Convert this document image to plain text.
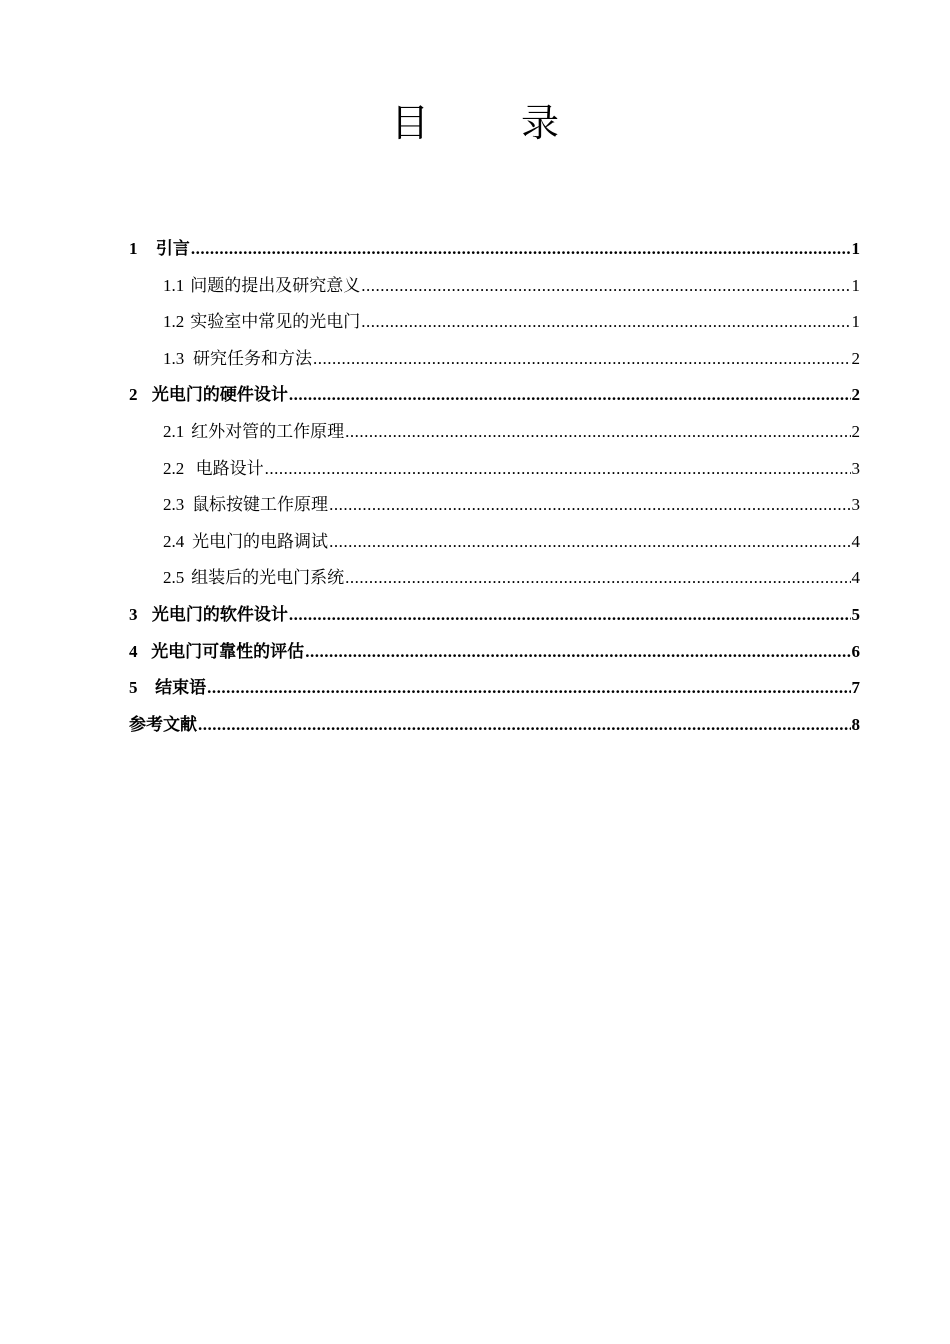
目 录
1	引言 .....	1
1.1 问题的提出及研究意义 .....	1
1.2 实验室中常见的光电门 .....	1
1.3 研究任务和方法 .....	2
2 光电门的硬件设计 .....	2
2.1 红外对管的工作原理 .....	2
2.2 电路设计 .....	3
2.3 鼠标按键工作原理 .....	3
2.4 光电门的电路调试 .....	4
2.5 组装后的光电门系统 .....	4
3 光电门的软件设计 .....	5
4 光电门可靠性的评估 .....	6
5	结束语 .....	7
参考文献 .....	8
